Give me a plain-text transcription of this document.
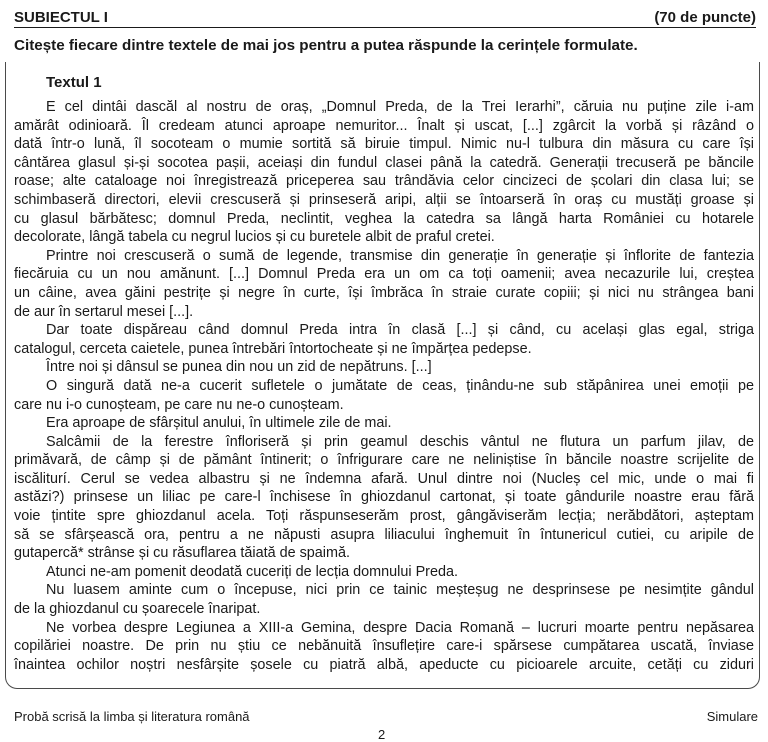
SUBIECTUL I	(70 de puncte)
Citește fiecare dintre textele de mai jos pentru a putea răspunde la cerințele formulate.
Textul 1
E cel dintâi dascăl al nostru de oraș, „Domnul Preda, de la Trei Ierarhi”, căruia nu puține zile i-am
amărât odinioară. Îl credeam atunci aproape nemuritor... Înalt și uscat, [...] zgârcit la vorbă și râzând o
dată într-o lună, îl socoteam o mumie sortită să biruie timpul. Nimic nu-l tulbura din măsura cu care își
cântărea glasul și-și socotea pașii, aceiași din fundul clasei până la catedră. Generații trecuseră pe băncile
roase; alte cataloage noi înregistrează priceperea sau trândăvia celor cincizeci de școlari din clasa lui; se
schimbaseră directori, elevii crescuseră și prinseseră aripi, alții se întoarseră în oraș cu mustăți groase și
cu glasul bărbătesc; domnul Preda, neclintit, veghea la catedra sa lângă harta României cu hotarele
decolorate, lângă tabela cu negrul lucios și cu buretele albit de praful cretei.
Printre noi crescuseră o sumă de legende, transmise din generație în generație și înflorite de fantezia
fiecăruia cu un nou amănunt. [...] Domnul Preda era un om ca toți oamenii; avea necazurile lui, creștea
un câine, avea găini pestrițe și negre în curte, își îmbrăca în straie curate copiii; și nici nu strângea bani
de aur în sertarul mesei [...].
Dar toate dispăreau când domnul Preda intra în clasă [...] și când, cu același glas egal, striga
catalogul, cerceta caietele, punea întrebări întortocheate și ne împărțea pedepse.
Între noi și dânsul se punea din nou un zid de nepătruns. [...]
O singură dată ne-a cucerit sufletele o jumătate de ceas, ținându-ne sub stăpânirea unei emoții pe
care nu i-o cunoșteam, pe care nu ne-o cunoșteam.
Era aproape de sfârșitul anului, în ultimele zile de mai.
Salcâmii de la ferestre înfloriseră și prin geamul deschis vântul ne flutura un parfum jilav, de
primăvară, de câmp și de pământ întinerit; o înfrigurare care ne neliniștise în băncile noastre scrijelite de
iscăliturí. Cerul se vedea albastru și ne îndemna afară. Unul dintre noi (Nucleș cel mic, unde o mai fi
astăzi?) prinsese un liliac pe care-l închisese în ghiozdanul cartonat, și toate gândurile noastre erau fără
voie țintite spre ghiozdanul acela. Toți răspunseserăm prost, gângăviserăm lecția; nerăbdători, așteptam
să se sfârșească ora, pentru a ne năpusti asupra liliacului înghemuit în întunericul cutiei, cu aripile de
gutapercă* strânse și cu răsuflarea tăiată de spaimă.
Atunci ne-am pomenit deodată cuceriți de lecția domnului Preda.
Nu luasem aminte cum o începuse, nici prin ce tainic meșteșug ne desprinsese pe nesimțite gândul
de la ghiozdanul cu șoarecele înaripat.
Ne vorbea despre Legiunea a XIII-a Gemina, despre Dacia Romană – lucruri moarte pentru nepăsarea
copilăriei noastre. De prin nu știu ce nebănuită însuflețire care-i spărsese cumpătarea uscată, înviase
înaintea ochilor noștri nesfârșite șosele cu piatră albă, apeducte cu picioarele arcuite, cetăți cu ziduri
Probă scrisă la limba și literatura română	Simulare
2
